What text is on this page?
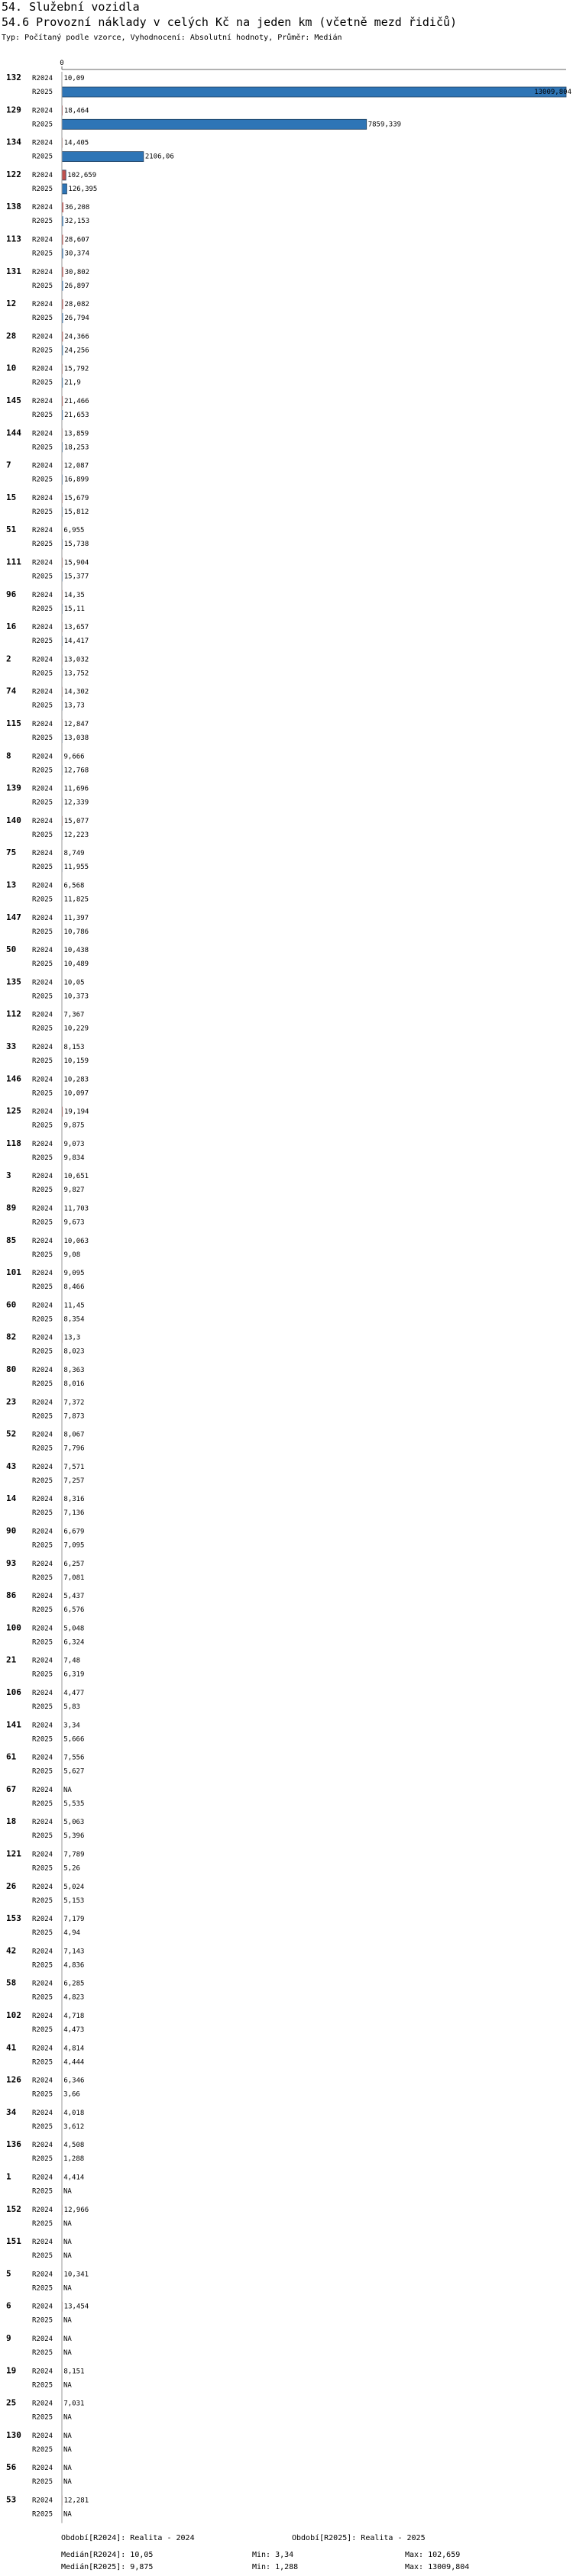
54. Služební vozidla
54.6 Provozní náklady v celých Kč na jeden km (včetně mezd řidičů)
Typ: Počítaný podle vzorce, Vyhodnocení: Absolutní hodnoty, Průměr: Medián
0
132 R2024 10,09
R2025	13009,804
129 R2024 18,464
R2025	7859,339
134 R2024 14,405
R2025	2106,06
122 R2024 102,659
R2025 126,395
138 R2024 36,208
R2025 32,153
113 R2024 28,607
R2025 30,374
131 R2024 30,802
R2025 26,897
12 R2024 28,082
R2025 26,794
28 R2024 24,366
R2025 24,256
10 R2024 15,792
R2025 21,9
145 R2024 21,466
R2025 21,653
144 R2024 13,859
R2025 18,253
7	R2024 12,087
R2025 16,899
15 R2024 15,679
R2025 15,812
51 R2024 6,955
R2025 15,738
111 R2024 15,904
R2025 15,377
96 R2024 14,35
R2025 15,11
16 R2024 13,657
R2025 14,417
2	R2024 13,032
R2025 13,752
74 R2024 14,302
R2025 13,73
115 R2024 12,847
R2025 13,038
8	R2024 9,666
R2025 12,768
139 R2024 11,696
R2025 12,339
140 R2024 15,077
R2025 12,223
75 R2024 8,749
R2025 11,955
13 R2024 6,568
R2025 11,825
147 R2024 11,397
R2025 10,786
50 R2024 10,438
R2025 10,489
135 R2024 10,05
R2025 10,373
112 R2024 7,367
R2025 10,229
33 R2024 8,153
R2025 10,159
146 R2024 10,283
R2025 10,097
125 R2024 19,194
R2025 9,875
118 R2024 9,073
R2025 9,834
3	R2024 10,651
R2025 9,827
89 R2024 11,703
R2025 9,673
85 R2024 10,063
R2025 9,08
101 R2024 9,095
R2025 8,466
60 R2024 11,45
R2025 8,354
82 R2024 13,3
R2025 8,023
80 R2024 8,363
R2025 8,016
23 R2024 7,372
R2025 7,873
52 R2024 8,067
R2025 7,796
43 R2024 7,571
R2025 7,257
14 R2024 8,316
R2025 7,136
90 R2024 6,679
R2025 7,095
93 R2024 6,257
R2025 7,081
86 R2024 5,437
R2025 6,576
100 R2024 5,048
R2025 6,324
21 R2024 7,48
R2025 6,319
106 R2024 4,477
R2025 5,83
141 R2024 3,34
R2025 5,666
61 R2024 7,556
R2025 5,627
67 R2024 NA
R2025 5,535
18 R2024 5,063
R2025 5,396
121 R2024 7,789
R2025 5,26
26 R2024 5,024
R2025 5,153
153 R2024 7,179
R2025 4,94
42 R2024 7,143
R2025 4,836
58 R2024 6,285
R2025 4,823
102 R2024 4,718
R2025 4,473
41 R2024 4,814
R2025 4,444
126 R2024 6,346
R2025 3,66
34 R2024 4,018
R2025 3,612
136 R2024 4,508
R2025 1,288
1	R2024 4,414
R2025 NA
152 R2024 12,966
R2025 NA
151 R2024 NA
R2025 NA
5	R2024 10,341
R2025 NA
6	R2024 13,454
R2025 NA
9	R2024 NA
R2025 NA
19 R2024 8,151
R2025 NA
25 R2024 7,031
R2025 NA
130 R2024 NA
R2025 NA
56 R2024 NA
R2025 NA
53 R2024 12,281
R2025 NA
Období[R2024]: Realita - 2024	Období[R2025]: Realita - 2025
Medián[R2024]: 10,05	Min: 3,34	Max: 102,659
Medián[R2025]: 9,875	Min: 1,288	Max: 13009,804
